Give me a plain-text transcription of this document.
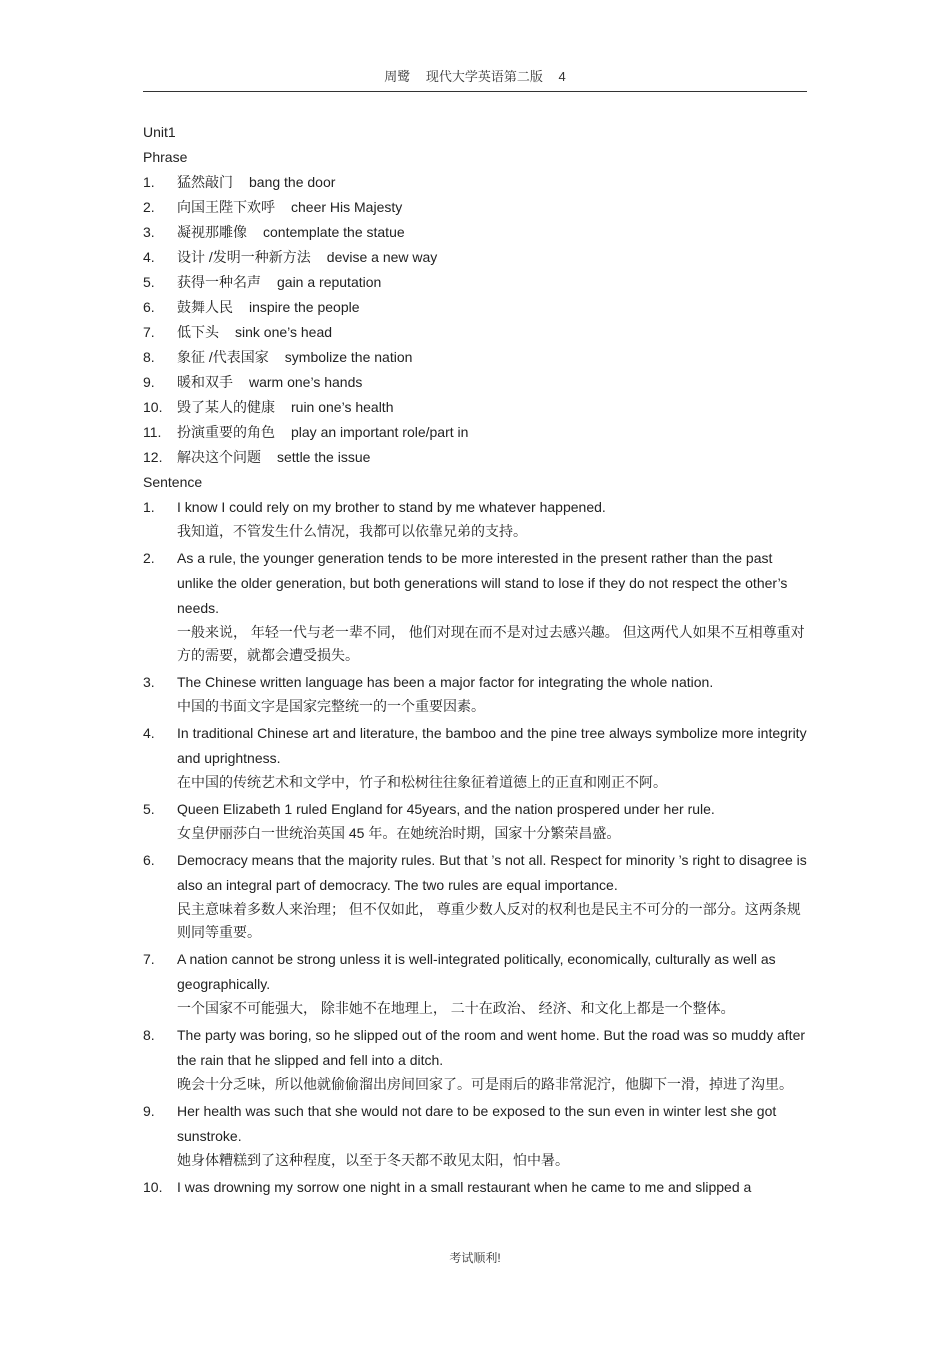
周鹭 现代大学英语第二版 4
Unit1
Phrase
1.	猛然敲门 bang the door
2.	向国王陛下欢呼 cheer His Majesty
3.	凝视那雕像 contemplate the statue
4.	设计 /发明一种新方法 devise a new way
5.	获得一种名声 gain a reputation
6.	鼓舞人民 inspire the people
7.	低下头 sink one’s head
8.	象征 /代表国家 symbolize the nation
9.	暖和双手 warm one’s hands
10.	毁了某人的健康 ruin one’s health
11.	扮演重要的角色 play an important role/part in
12.	解决这个问题 settle the issue
Sentence
1.	I know I could rely on my brother to stand by me whatever happened.
我知道，不管发生什么情况，我都可以依靠兄弟的支持。
2.	As a rule, the younger generation tends to be more interested in the present rather than the past unlike the older generation, but both generations will stand to lose if they do not respect the other’s needs.
一般来说， 年轻一代与老一辈不同， 他们对现在而不是对过去感兴趣。 但这两代人如果不互相尊重对方的需要，就都会遭受损失。
3.	The Chinese written language has been a major factor for integrating the whole nation.
中国的书面文字是国家完整统一的一个重要因素。
4.	In traditional Chinese art and literature, the bamboo and the pine tree always symbolize more integrity and uprightness.
在中国的传统艺术和文学中，竹子和松树往往象征着道德上的正直和刚正不阿。
5.	Queen Elizabeth 1 ruled England for 45years, and the nation prospered under her rule.
女皇伊丽莎白一世统治英国 45 年。在她统治时期，国家十分繁荣昌盛。
6.	Democracy means that the majority rules. But that ’s not all. Respect for minority ’s right to disagree is also an integral part of democracy. The two rules are equal importance.
民主意味着多数人来治理； 但不仅如此， 尊重少数人反对的权利也是民主不可分的一部分。这两条规则同等重要。
7.	A nation cannot be strong unless it is well-integrated politically, economically, culturally as well as geographically.
一个国家不可能强大， 除非她不在地理上， 二十在政治、 经济、和文化上都是一个整体。
8.	The party was boring, so he slipped out of the room and went home. But the road was so muddy after the rain that he slipped and fell into a ditch.
晚会十分乏味，所以他就偷偷溜出房间回家了。可是雨后的路非常泥泞，他脚下一滑，掉进了沟里。
9.	Her health was such that she would not dare to be exposed to the sun even in winter lest she got sunstroke.
她身体糟糕到了这种程度，以至于冬天都不敢见太阳，怕中暑。
10.	I was drowning my sorrow one night in a small restaurant when he came to me and slipped a
考试顺利!
